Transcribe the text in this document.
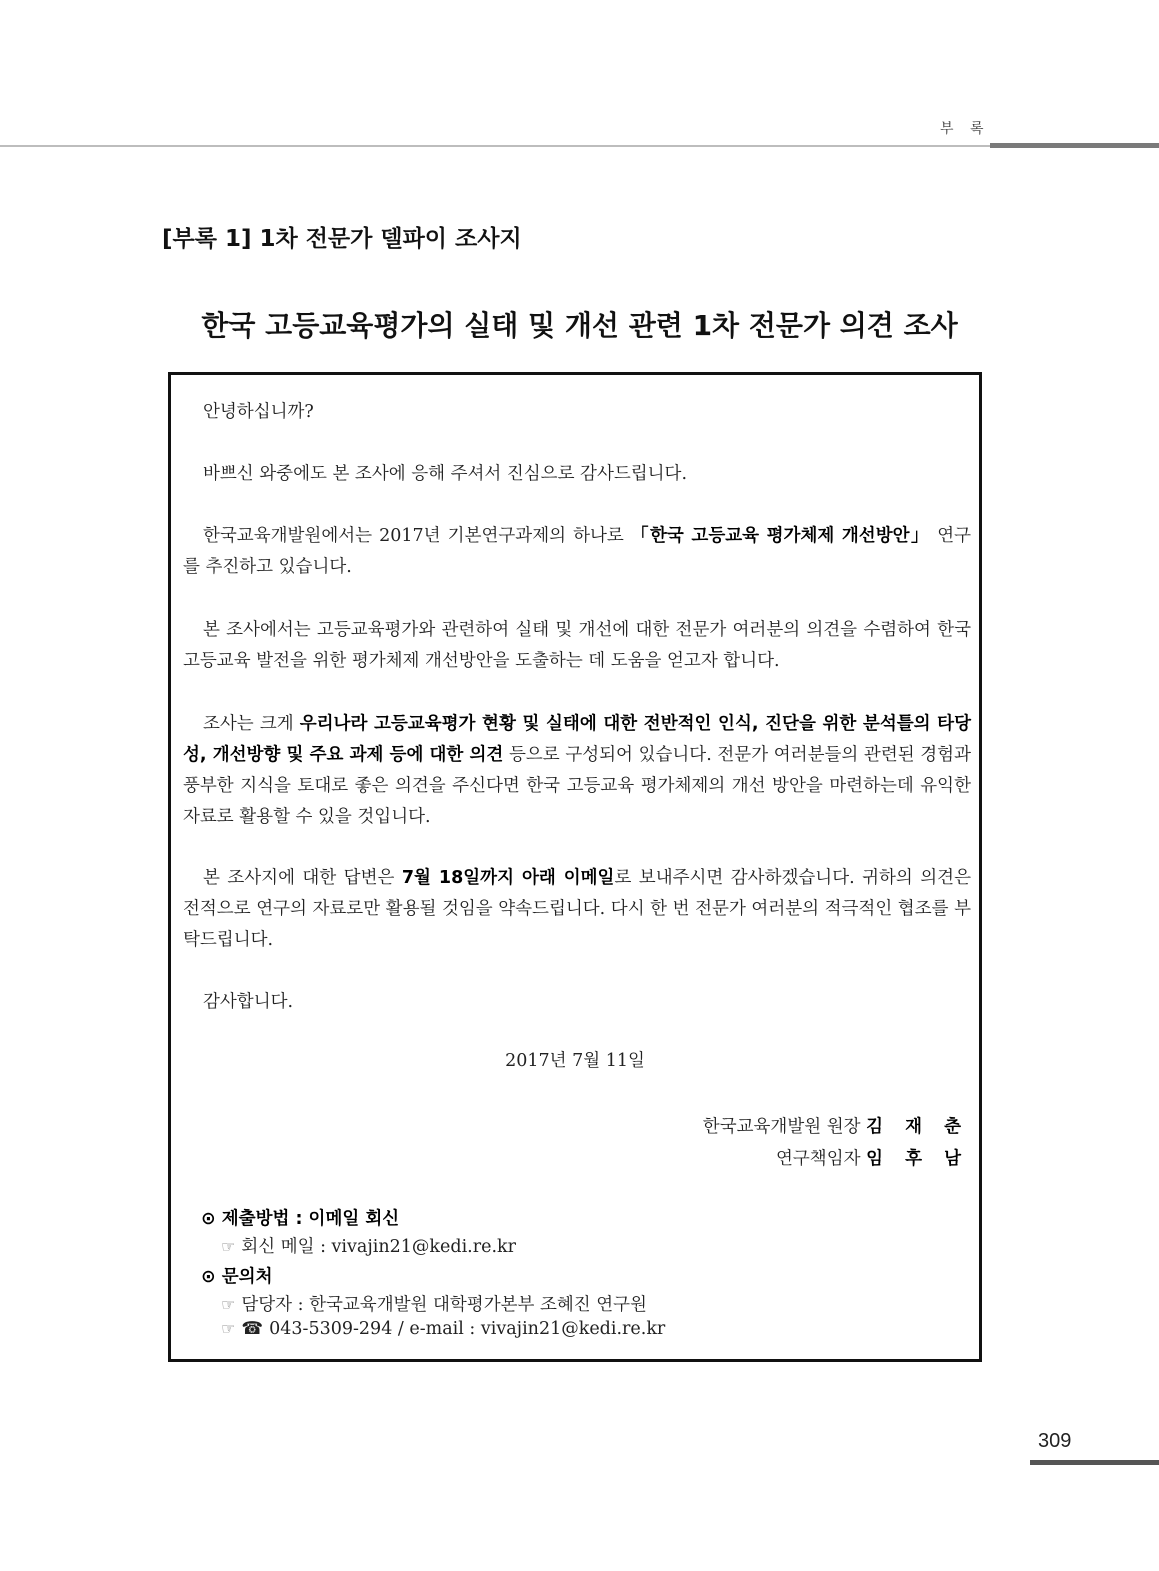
부 록
[부록 1] 1차 전문가 델파이 조사지
한국 고등교육평가의 실태 및 개선 관련 1차 전문가 의견 조사
안녕하십니까?
바쁘신 와중에도 본 조사에 응해 주셔서 진심으로 감사드립니다.
한국교육개발원에서는 2017년 기본연구과제의 하나로 「한국 고등교육 평가체제 개선방안」 연구를 추진하고 있습니다.
본 조사에서는 고등교육평가와 관련하여 실태 및 개선에 대한 전문가 여러분의 의견을 수렴하여 한국 고등교육 발전을 위한 평가체제 개선방안을 도출하는 데 도움을 얻고자 합니다.
조사는 크게 우리나라 고등교육평가 현황 및 실태에 대한 전반적인 인식, 진단을 위한 분석틀의 타당성, 개선방향 및 주요 과제 등에 대한 의견 등으로 구성되어 있습니다. 전문가 여러분들의 관련된 경험과 풍부한 지식을 토대로 좋은 의견을 주신다면 한국 고등교육 평가체제의 개선 방안을 마련하는데 유익한 자료로 활용할 수 있을 것입니다.
본 조사지에 대한 답변은 7월 18일까지 아래 이메일로 보내주시면 감사하겠습니다. 귀하의 의견은 전적으로 연구의 자료로만 활용될 것임을 약속드립니다. 다시 한 번 전문가 여러분의 적극적인 협조를 부탁드립니다.
감사합니다.
2017년 7월 11일
한국교육개발원 원장 김 재 춘
연구책임자 임 후 남
⊙ 제출방법 : 이메일 회신
☞ 회신 메일 : vivajin21@kedi.re.kr
⊙ 문의처
☞ 담당자 : 한국교육개발원 대학평가본부 조혜진 연구원
☞ ☎ 043-5309-294 / e-mail : vivajin21@kedi.re.kr
309
